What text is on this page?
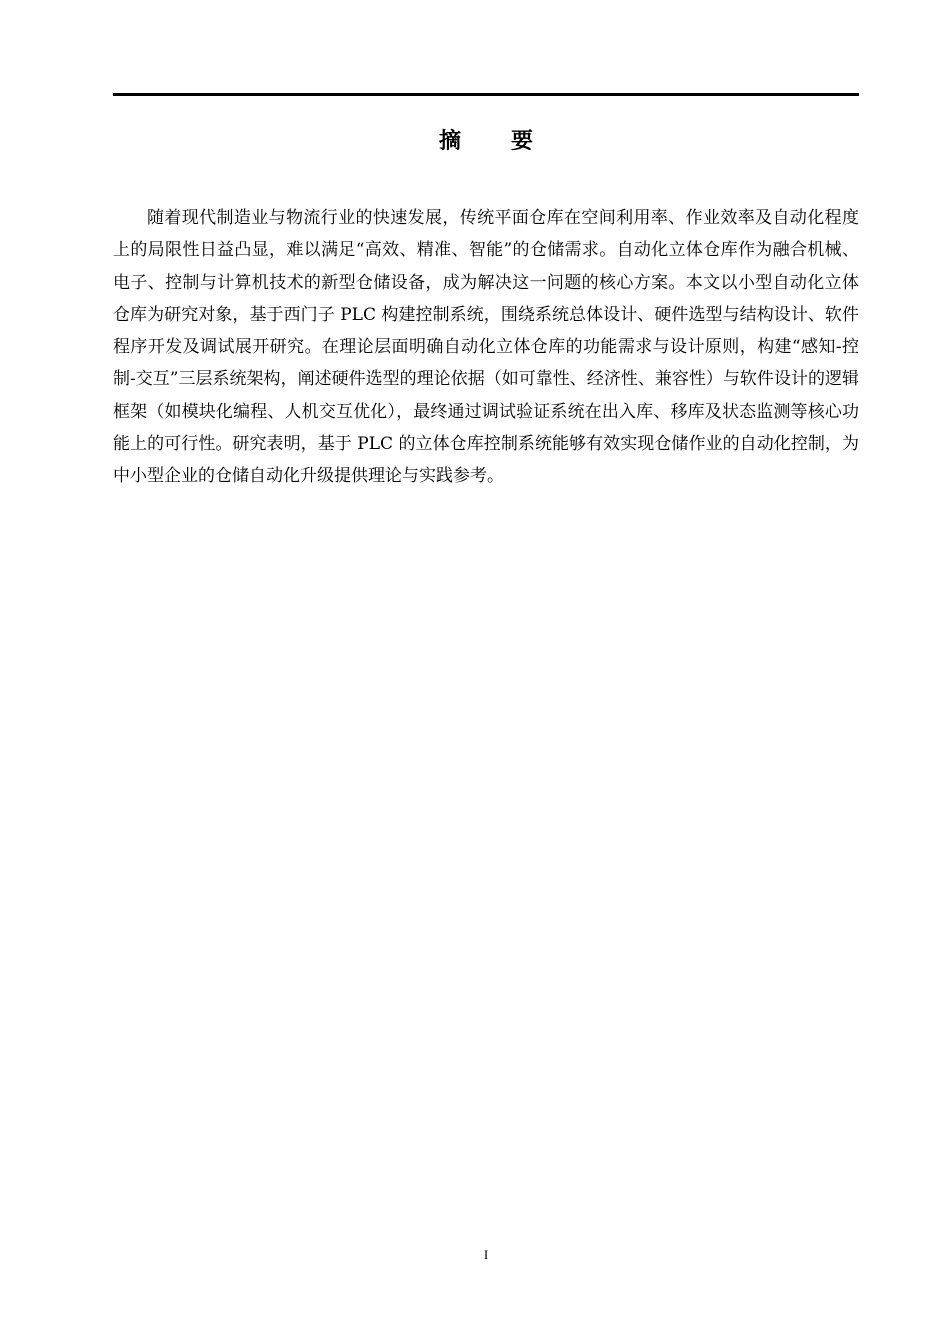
摘 要

随着现代制造业与物流行业的快速发展，传统平面仓库在空间利用率、作业效率及自动化程度上的局限性日益凸显，难以满足“高效、精准、智能”的仓储需求。自动化立体仓库作为融合机械、电子、控制与计算机技术的新型仓储设备，成为解决这一问题的核心方案。本文以小型自动化立体仓库为研究对象，基于西门子 PLC 构建控制系统，围绕系统总体设计、硬件选型与结构设计、软件程序开发及调试展开研究。在理论层面明确自动化立体仓库的功能需求与设计原则，构建“感知-控制-交互”三层系统架构，阐述硬件选型的理论依据（如可靠性、经济性、兼容性）与软件设计的逻辑框架（如模块化编程、人机交互优化），最终通过调试验证系统在出入库、移库及状态监测等核心功能上的可行性。研究表明，基于 PLC 的立体仓库控制系统能够有效实现仓储作业的自动化控制，为中小型企业的仓储自动化升级提供理论与实践参考。

I
